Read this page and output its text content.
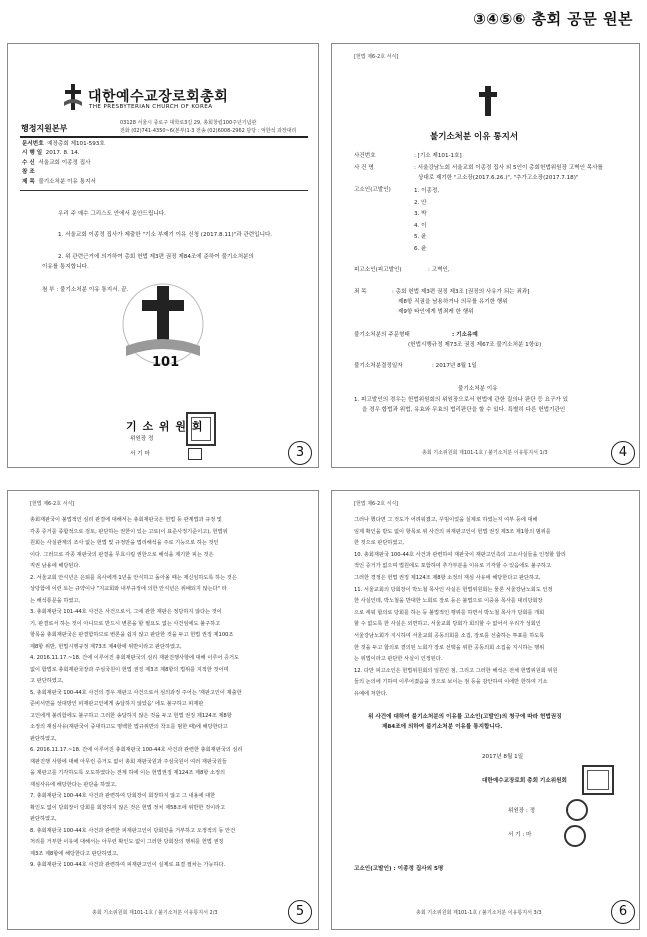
③④⑤⑥ 총회 공문 원본
대한예수교장로회총회
THE PRESBYTERIAN CHURCH OF KOREA
행정지원본부
03128 서울시 종로구 대학로3길 29, 총회창립100주년기념관
전화 (02)741-4350~6(본부)1·3 전송 (02)6008-2962 담당 : 억한석 과장대리
문서번호 예장총회 제101-593호
시 행 일 2017. 8. 14.
수 신 서울교회 이종정 집사
참 조
제 목 불기소처분 이유 통지서
우리 주 예수 그리스도 안에서 문안드립니다.
1. 서울교회 이종정 집사가 제출한 "기소 부제기 이유 신청 (2017.8.11)"과 관련입니다.
2. 위 관련근거에 의거하여 총회 헌법 제3편 권징 제84조에 준하여 불기소처분의
이유를 통지합니다.
첨 부 : 불기소처분 이유 통지서. 끝.
101
기 소 위 원 회
위원장 정
서 기 마	3
[헌법 제6-2호 서식]
불기소처분 이유 통지서
사건번호	: [기소 제101-1호]
사 건 명	: 서울강남노회 서울교회 이종정 집사 외 5인이 총회헌법위원장 고벽인 목사를
상대로 제기한 "고소장(2017.6.26.)", "추가고소장(2017.7.18)"
고소인(고발인)	1. 이종정,
2. 안
3. 박
4. 이
5. 윤
6. 윤
피고소인(피고발인)	: 고벽인,
죄 목	: 총회 헌법 제3편 권징 제3조 [권징의 사유가 되는 죄과]
제8항 직권을 남용하거나 의무를 유기한 행위
제9항 타인에게 범죄케 한 행위
불기소처분의 주문형태	: 기소유예
(헌법시행규정 제73조 권징 제67조 불기소처분 1항①)
불기소처분결정일자	: 2017년 8월 1일
불기소처분 이유
1. 피고발인의 경우는 헌법위원회의 위원장으로서 헌법에 관한 질의나 판단 등 요구가 있
을 경우 합법과 위법, 유효와 무효의 법리판단을 할 수 있다. 특별히 다른 헌법기관인
총회 기소위원회 제101-1호 / 불기소처분 이유통지서 1/3	4
[헌법 제6-2호 서식]
총회재판국이 불법적인 심리 판결에 대해서는 총회재판국은 헌법 등 관계법과 규정 및
각종 증거를 종합적으로 검토, 판단하는 권한이 있는 고로(이 표준사정기준이고), 헌법위
원회는 사실관계의 조사 없는 헌법 및 규정만을 법리해석을 주로 기능으로 하는 것인
이다. 그러므로 각종 재판국의 판결을 무효시킬 권한으로 해석을 제기한 피는 것은
직권 남용에 해당된다.
2. 서울교회 안식년은 은퇴를 목사에게 1년을 안식하고 돌아올 때는 재신임하도록 하는 것은
상당함에 이런 토는 규약이나 "지교회와 내부규정에 의한 안식년은 위배되지 않는다" 라
는 해석통문을 하였고,
3. 총회재판국 101-44호 사건은 사건으로서, 그에 관한 재판은 정당하지 않다는 것이
기, 판결로서 하는 것이 아니므로 반드시 변론을 할 필요도 없는 사건임에도 불구하고
항목을 총회재판국은 판결함하므로 변론을 쉽지 않고 판단한 것을 두고 헌법 권징 제100조
제8항 위반, 헌법시행규정 제73조 제4항에 위반이라고 판단하였고,
4. 2016.11.17.~18. 간에 이루어진 총회재판국의 심리 재판진행사항에 대해 이루어 증거도
없이 합법로 총회재판국장과 주심국원이 헌법 권징 제3조 제8항의 법위를 지적한 것이며
고 판단하였고,
5. 총회재판국 100-44호 사건의 경우 재판고 사건으로서 심의과정 주어는 '재판고인이 제출한
준비서면을 상대방인 피재판고인에게 송달하지 않았음' 에도 불구하고 피재판
고인에게 불리함에도 불구하고 그러한 송달하지 않은 것을 두고 헌법 권징 제124조 제8항
소정의 재심사유(재판국이 중대하고도 명백한 법규위반의 착오를 범한 때)에 해당한다고
판단하였고,
6. 2016.11.17.~18. 간에 이루어진 총회재판국 100-44호 사건과 관련한 총회재판국의 심리
재판진행 사항에 대해 아무런 증거도 없이 총회 재판국원과 주심국원이 여러 재판국원들
을 재판고를 기각하도록 오도하였다는 전제 하에 이는 헌법권징 제124조 제8항 소정의
재심사유에 해당한다는 판단을 하였고,
7. 총회재판국 100-44호 사건과 관련하여 당회장이 회장하지 않고 그 내용에 대한
확인도 없이 당회장이 당회를 회장하지 않은 것은 헌법 정치 제58조에 위반한 것이라고
판단하였고,
8. 총회재판국 100-44호 사건과 관련한 피재판고인이 당회만을 거부하고 오정적의 동 안건
처리를 거부한 이유에 대해서는 아무런 확인도 없이 그러한 당회장의 행위를 헌법 권징
제3조 제8항에 해당한다고 판단하였고,
9. 총회재판국 100-44호 사건과 관련하여 피재판고인이 실제로 표결 절차는 가능하다.
총회 기소위원회 제101-1호 / 불기소처분 이유통지서 2/3	5
[헌법 제6-2호 서식]
그러나 했다면 그 것도가 어려워졌고, 꾸밈이었을 실제로 하였는지 여부 등에 대해
임제 확인을 받도 없이 항목로 위 사건의 피재판고인이 헌법 권징 제3조 제1항의 범위를
한 것으로 판단하였고,
10. 총회재판국 100-44호 사건과 관련하여 재판국이 재판고인측의 고소사실들을 인정할 합리
적인 증거가 없으며 법원에도 포함하여 추가부분을 이유로 기각할 수 있음에도 불구하고
그러한 경정은 헌법 권징 제124조 제8항 소정의 재심 사유에 해당한다고 판단하고,
11. 서울교회의 당회장이 박노철 목사인 사실은 헌법위원회는 물론 서울강남노회도 인정
한 사실인데, 박노철을 반대한 노회로 장로 등은 불법으로 이중용 목사를 대리당회장
으로 세워 합의로 당회를 하는 등 불법적인 행위를 하면서 박노철 목사가 당회를 개회
할 수 없도록 한 사실은 외면하고, 서울교회 당회가 회의할 수 없어서 우리가 성회인
서울강남노회가 지시하여 서울교회 공동의회를 소집, 장로를 선출하는 투표를 하도록
한 것을 두고 합의로 결의된 노회가 장로 선택을 위한 공동의회 소집을 지시하는 행위
는 위법이라고 판단한 사실이 인정된다.
12. 다만 피고소인은 헌법위원회의 일원인 점, 그리고 그러한 해석은 전체 헌법위원회 위원
들의 논의에 기하여 이루어졌음을 것으로 보이는 점 등을 감안하여 이에만 한하여 기소
유예에 처한다.
위 사건에 대하여 불기소처분의 이유를 고소인(고발인)의 청구에 따라 헌법권징
제84조에 의하여 불기소처분 이유를 통지합니다.
2017년 8월 1일
대한예수교장로회 총회 기소위원회
위원장 : 정
서 기 : 마
고소인(고발인) : 이종정 집사외 5명
총회 기소위원회 제101-1호 / 불기소처분 이유통지서 3/3	6
